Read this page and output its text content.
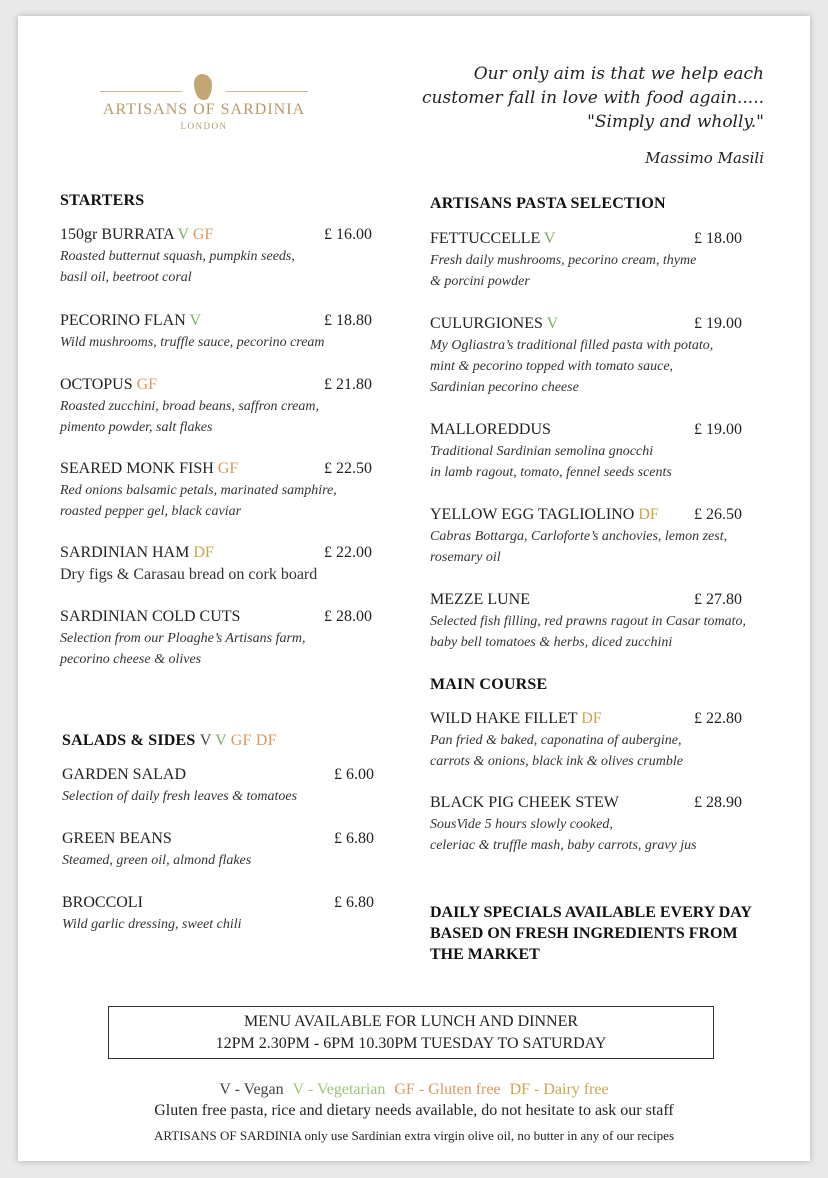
ARTISANS OF SARDINIA
LONDON
Our only aim is that we help each
customer fall in love with food again.....
"Simply and wholly."
Massimo Masili
STARTERS
150gr BURRATA V GF	£ 16.00
Roasted butternut squash, pumpkin seeds,
basil oil, beetroot coral
PECORINO FLAN V	£ 18.80
Wild mushrooms, truffle sauce, pecorino cream
OCTOPUS GF	£ 21.80
Roasted zucchini, broad beans, saffron cream,
pimento powder, salt flakes
SEARED MONK FISH GF	£ 22.50
Red onions balsamic petals, marinated samphire,
roasted pepper gel, black caviar
SARDINIAN HAM DF	£ 22.00
Dry figs & Carasau bread on cork board
SARDINIAN COLD CUTS	£ 28.00
Selection from our Ploaghe’s Artisans farm,
pecorino cheese & olives
SALADS & SIDES V V GF DF
GARDEN SALAD	£ 6.00
Selection of daily fresh leaves & tomatoes
GREEN BEANS	£ 6.80
Steamed, green oil, almond flakes
BROCCOLI	£ 6.80
Wild garlic dressing, sweet chili
ARTISANS PASTA SELECTION
FETTUCCELLE V	£ 18.00
Fresh daily mushrooms, pecorino cream, thyme
& porcini powder
CULURGIONES V	£ 19.00
My Ogliastra’s traditional filled pasta with potato,
mint & pecorino topped with tomato sauce,
Sardinian pecorino cheese
MALLOREDDUS	£ 19.00
Traditional Sardinian semolina gnocchi
in lamb ragout, tomato, fennel seeds scents
YELLOW EGG TAGLIOLINO DF	£ 26.50
Cabras Bottarga, Carloforte’s anchovies, lemon zest,
rosemary oil
MEZZE LUNE	£ 27.80
Selected fish filling, red prawns ragout in Casar tomato,
baby bell tomatoes & herbs, diced zucchini
MAIN COURSE
WILD HAKE FILLET DF	£ 22.80
Pan fried & baked, caponatina of aubergine,
carrots & onions, black ink & olives crumble
BLACK PIG CHEEK STEW	£ 28.90
SousVide 5 hours slowly cooked,
celeriac & truffle mash, baby carrots, gravy jus
DAILY SPECIALS AVAILABLE EVERY DAY
BASED ON FRESH INGREDIENTS FROM
THE MARKET
MENU AVAILABLE FOR LUNCH AND DINNER
12PM 2.30PM - 6PM 10.30PM TUESDAY TO SATURDAY
V - Vegan V - Vegetarian GF - Gluten free DF - Dairy free
Gluten free pasta, rice and dietary needs available, do not hesitate to ask our staff
ARTISANS OF SARDINIA only use Sardinian extra virgin olive oil, no butter in any of our recipes
